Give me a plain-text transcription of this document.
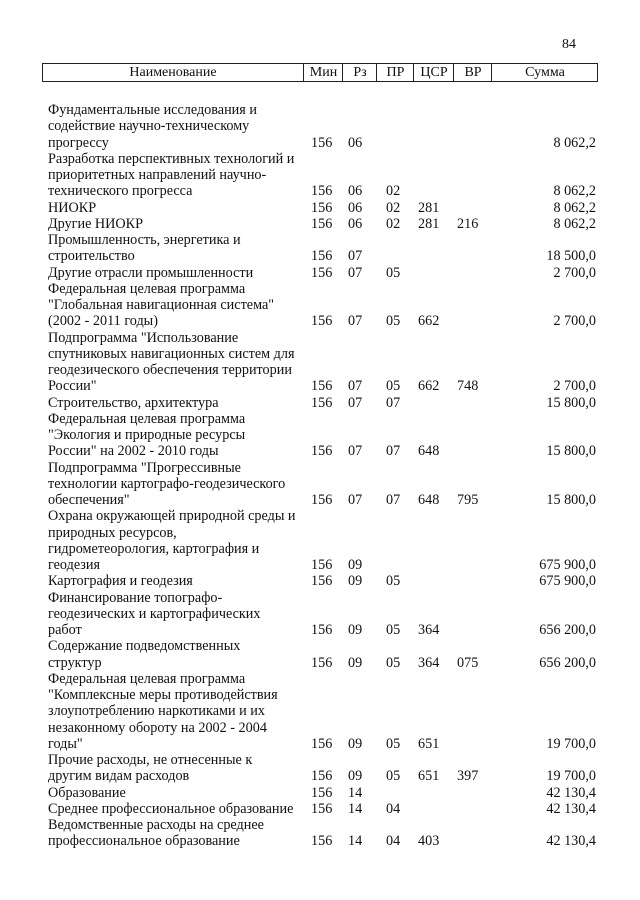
84
Наименование	Мин	Рз	ПР	ЦСР	ВР	Сумма
Фундаментальные исследования и
содействие научно-техническому
прогрессу	156 06	8 062,2
Разработка перспективных технологий и
приоритетных направлений научно-
технического прогресса	156 06 02	8 062,2
НИОКР	156 06 02 281	8 062,2
Другие НИОКР	156 06 02 281 216	8 062,2
Промышленность, энергетика и
строительство	156 07	18 500,0
Другие отрасли промышленности	156 07 05	2 700,0
Федеральная целевая программа
"Глобальная навигационная система"
(2002 - 2011 годы)	156 07 05 662	2 700,0
Подпрограмма "Использование
спутниковых навигационных систем для
геодезического обеспечения территории
России"	156 07 05 662 748	2 700,0
Строительство, архитектура	156 07 07	15 800,0
Федеральная целевая программа
"Экология и природные ресурсы
России" на 2002 - 2010 годы	156 07 07 648	15 800,0
Подпрограмма "Прогрессивные
технологии картографо-геодезического
обеспечения"	156 07 07 648 795	15 800,0
Охрана окружающей природной среды и
природных ресурсов,
гидрометеорология, картография и
геодезия	156 09	675 900,0
Картография и геодезия	156 09 05	675 900,0
Финансирование топографо-
геодезических и картографических
работ	156 09 05 364	656 200,0
Содержание подведомственных
структур	156 09 05 364 075	656 200,0
Федеральная целевая программа
"Комплексные меры противодействия
злоупотреблению наркотиками и их
незаконному обороту на 2002 - 2004
годы"	156 09 05 651	19 700,0
Прочие расходы, не отнесенные к
другим видам расходов	156 09 05 651 397	19 700,0
Образование	156 14	42 130,4
Среднее профессиональное образование 156 14 04	42 130,4
Ведомственные расходы на среднее
профессиональное образование	156 14 04 403	42 130,4
